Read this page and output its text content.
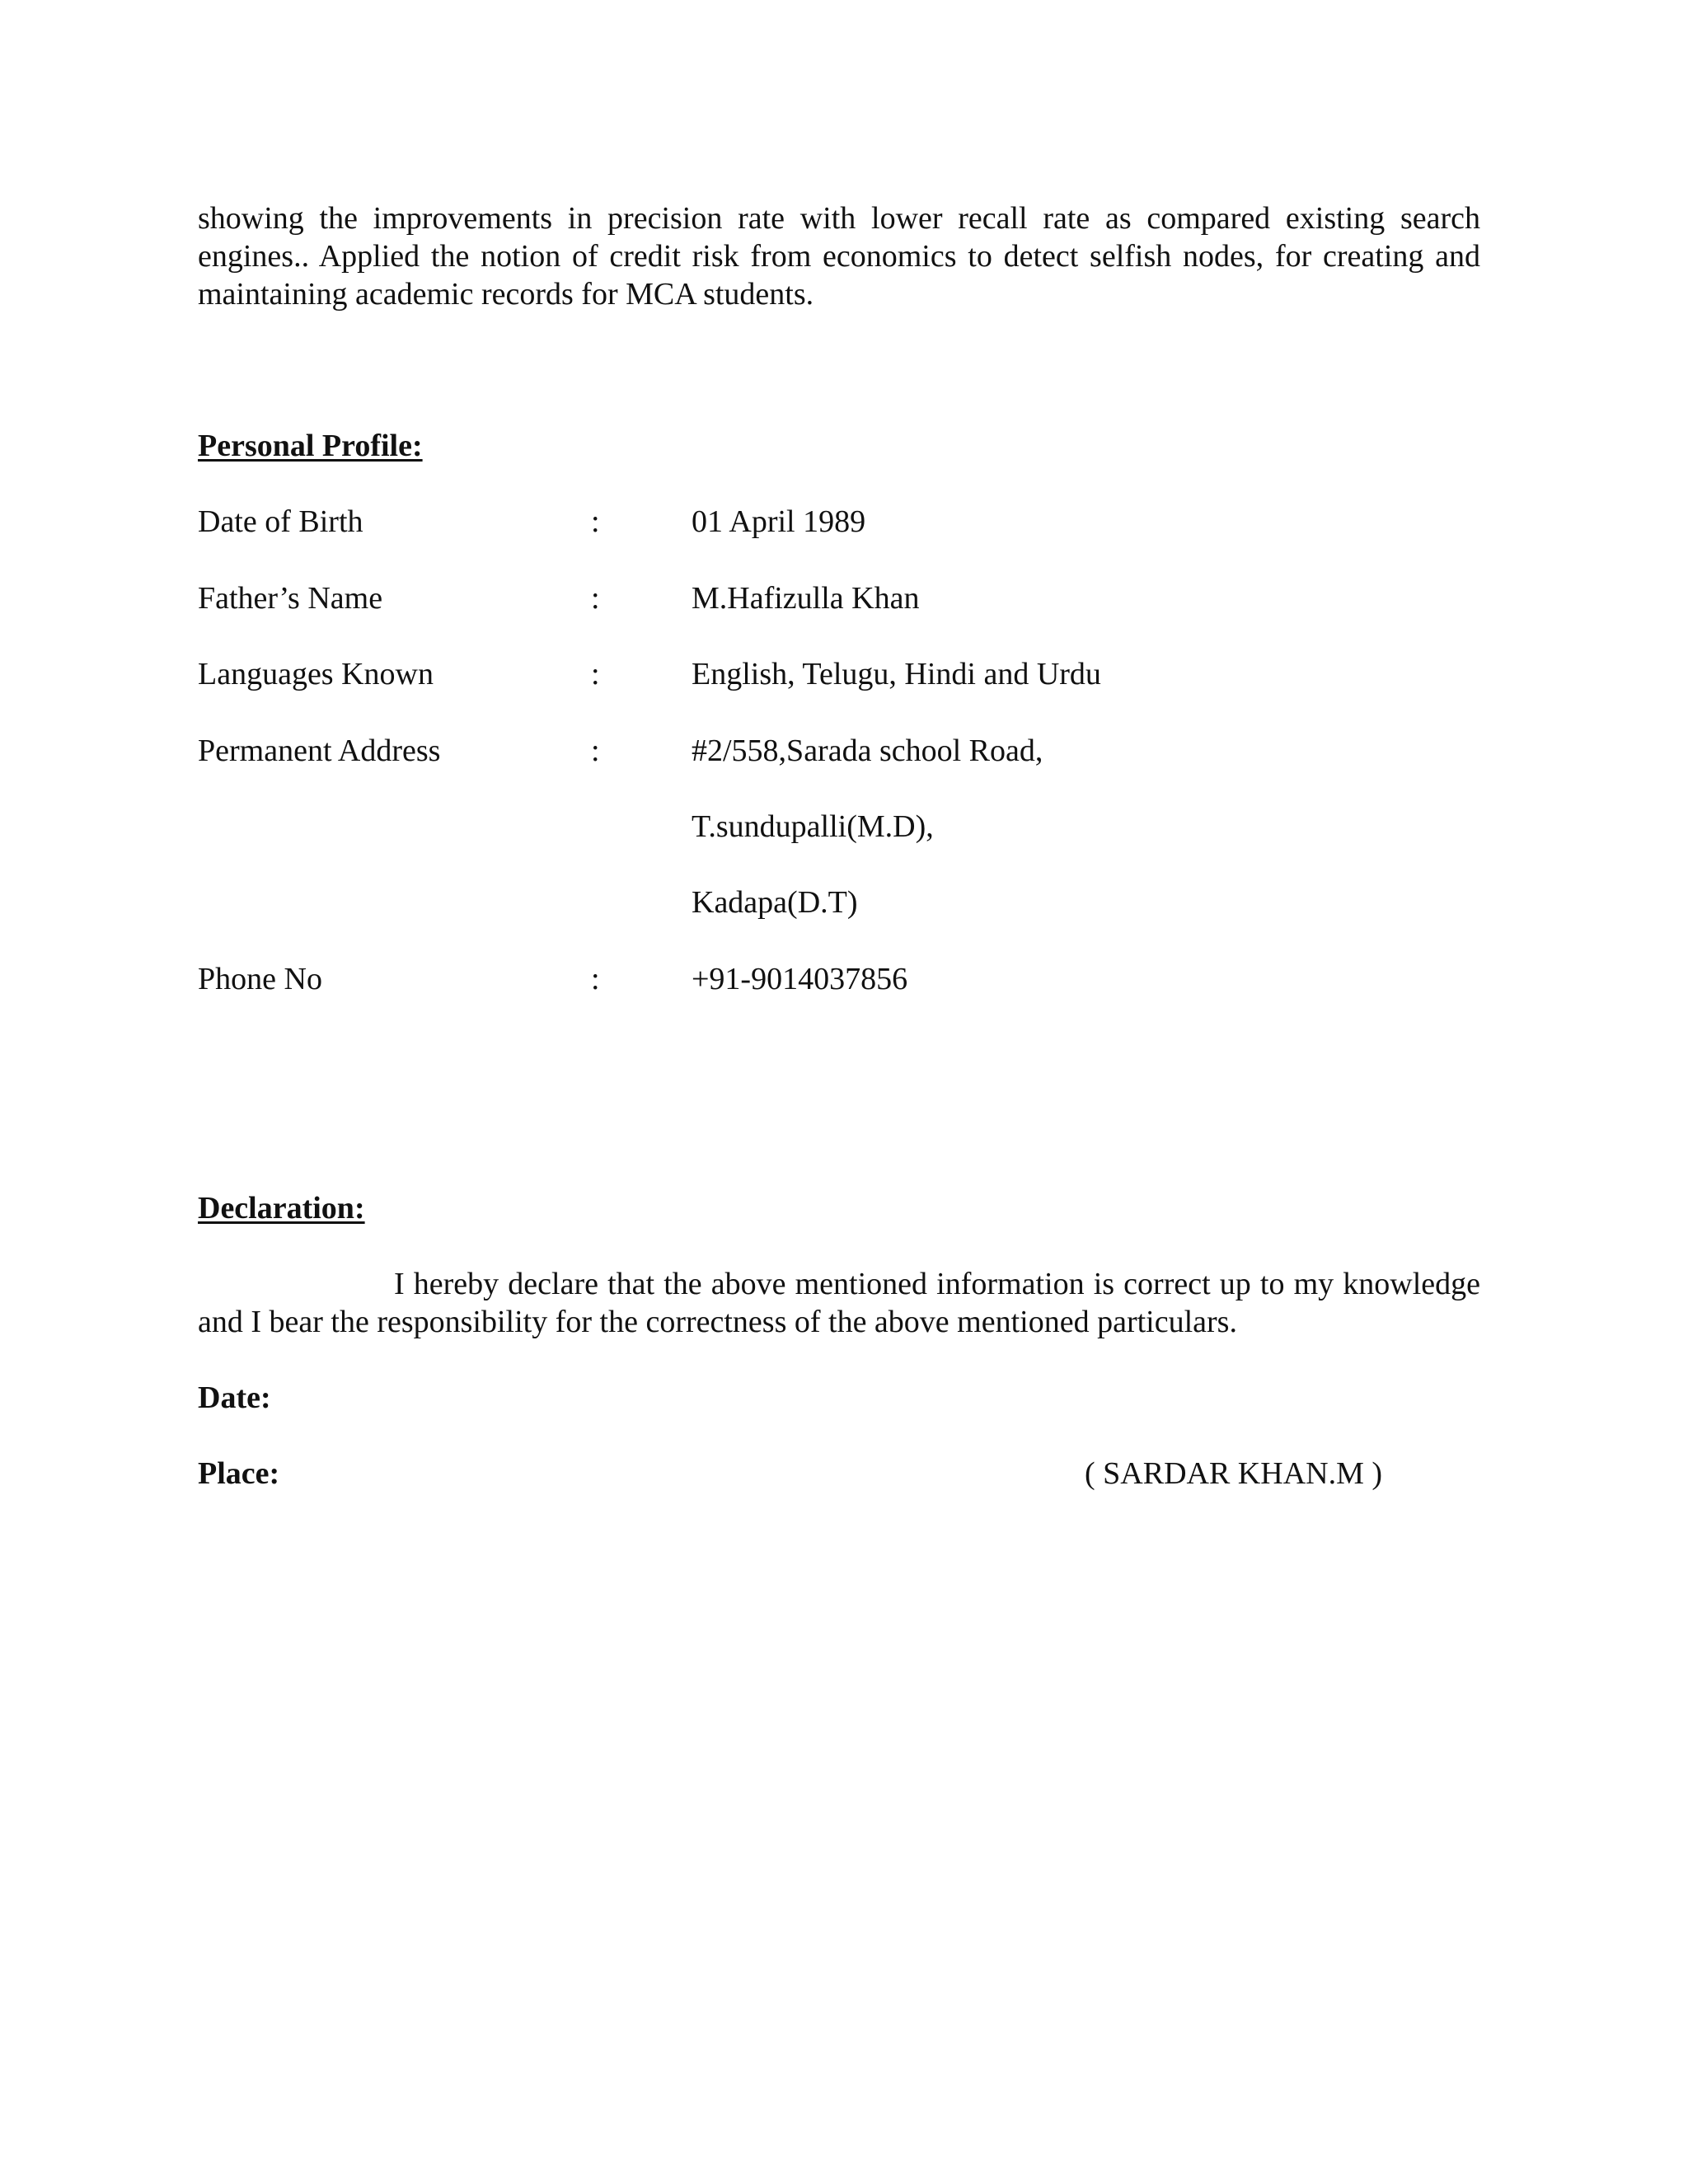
showing the improvements in precision rate with lower recall rate as compared existing search engines.. Applied the notion of credit risk from economics to detect selfish nodes, for creating and maintaining academic records for MCA students.

Personal Profile:
Date of Birth	:	01 April 1989
Father’s Name	:	M.Hafizulla Khan
Languages Known	:	English, Telugu, Hindi and Urdu
Permanent Address	:	#2/558,Sarada school Road,
T.sundupalli(M.D),
Kadapa(D.T)
Phone No	:	+91-9014037856
Declaration:

I hereby declare that the above mentioned information is correct up to my knowledge and I bear the responsibility for the correctness of the above mentioned particulars.

Date:
Place:	( SARDAR KHAN.M )
